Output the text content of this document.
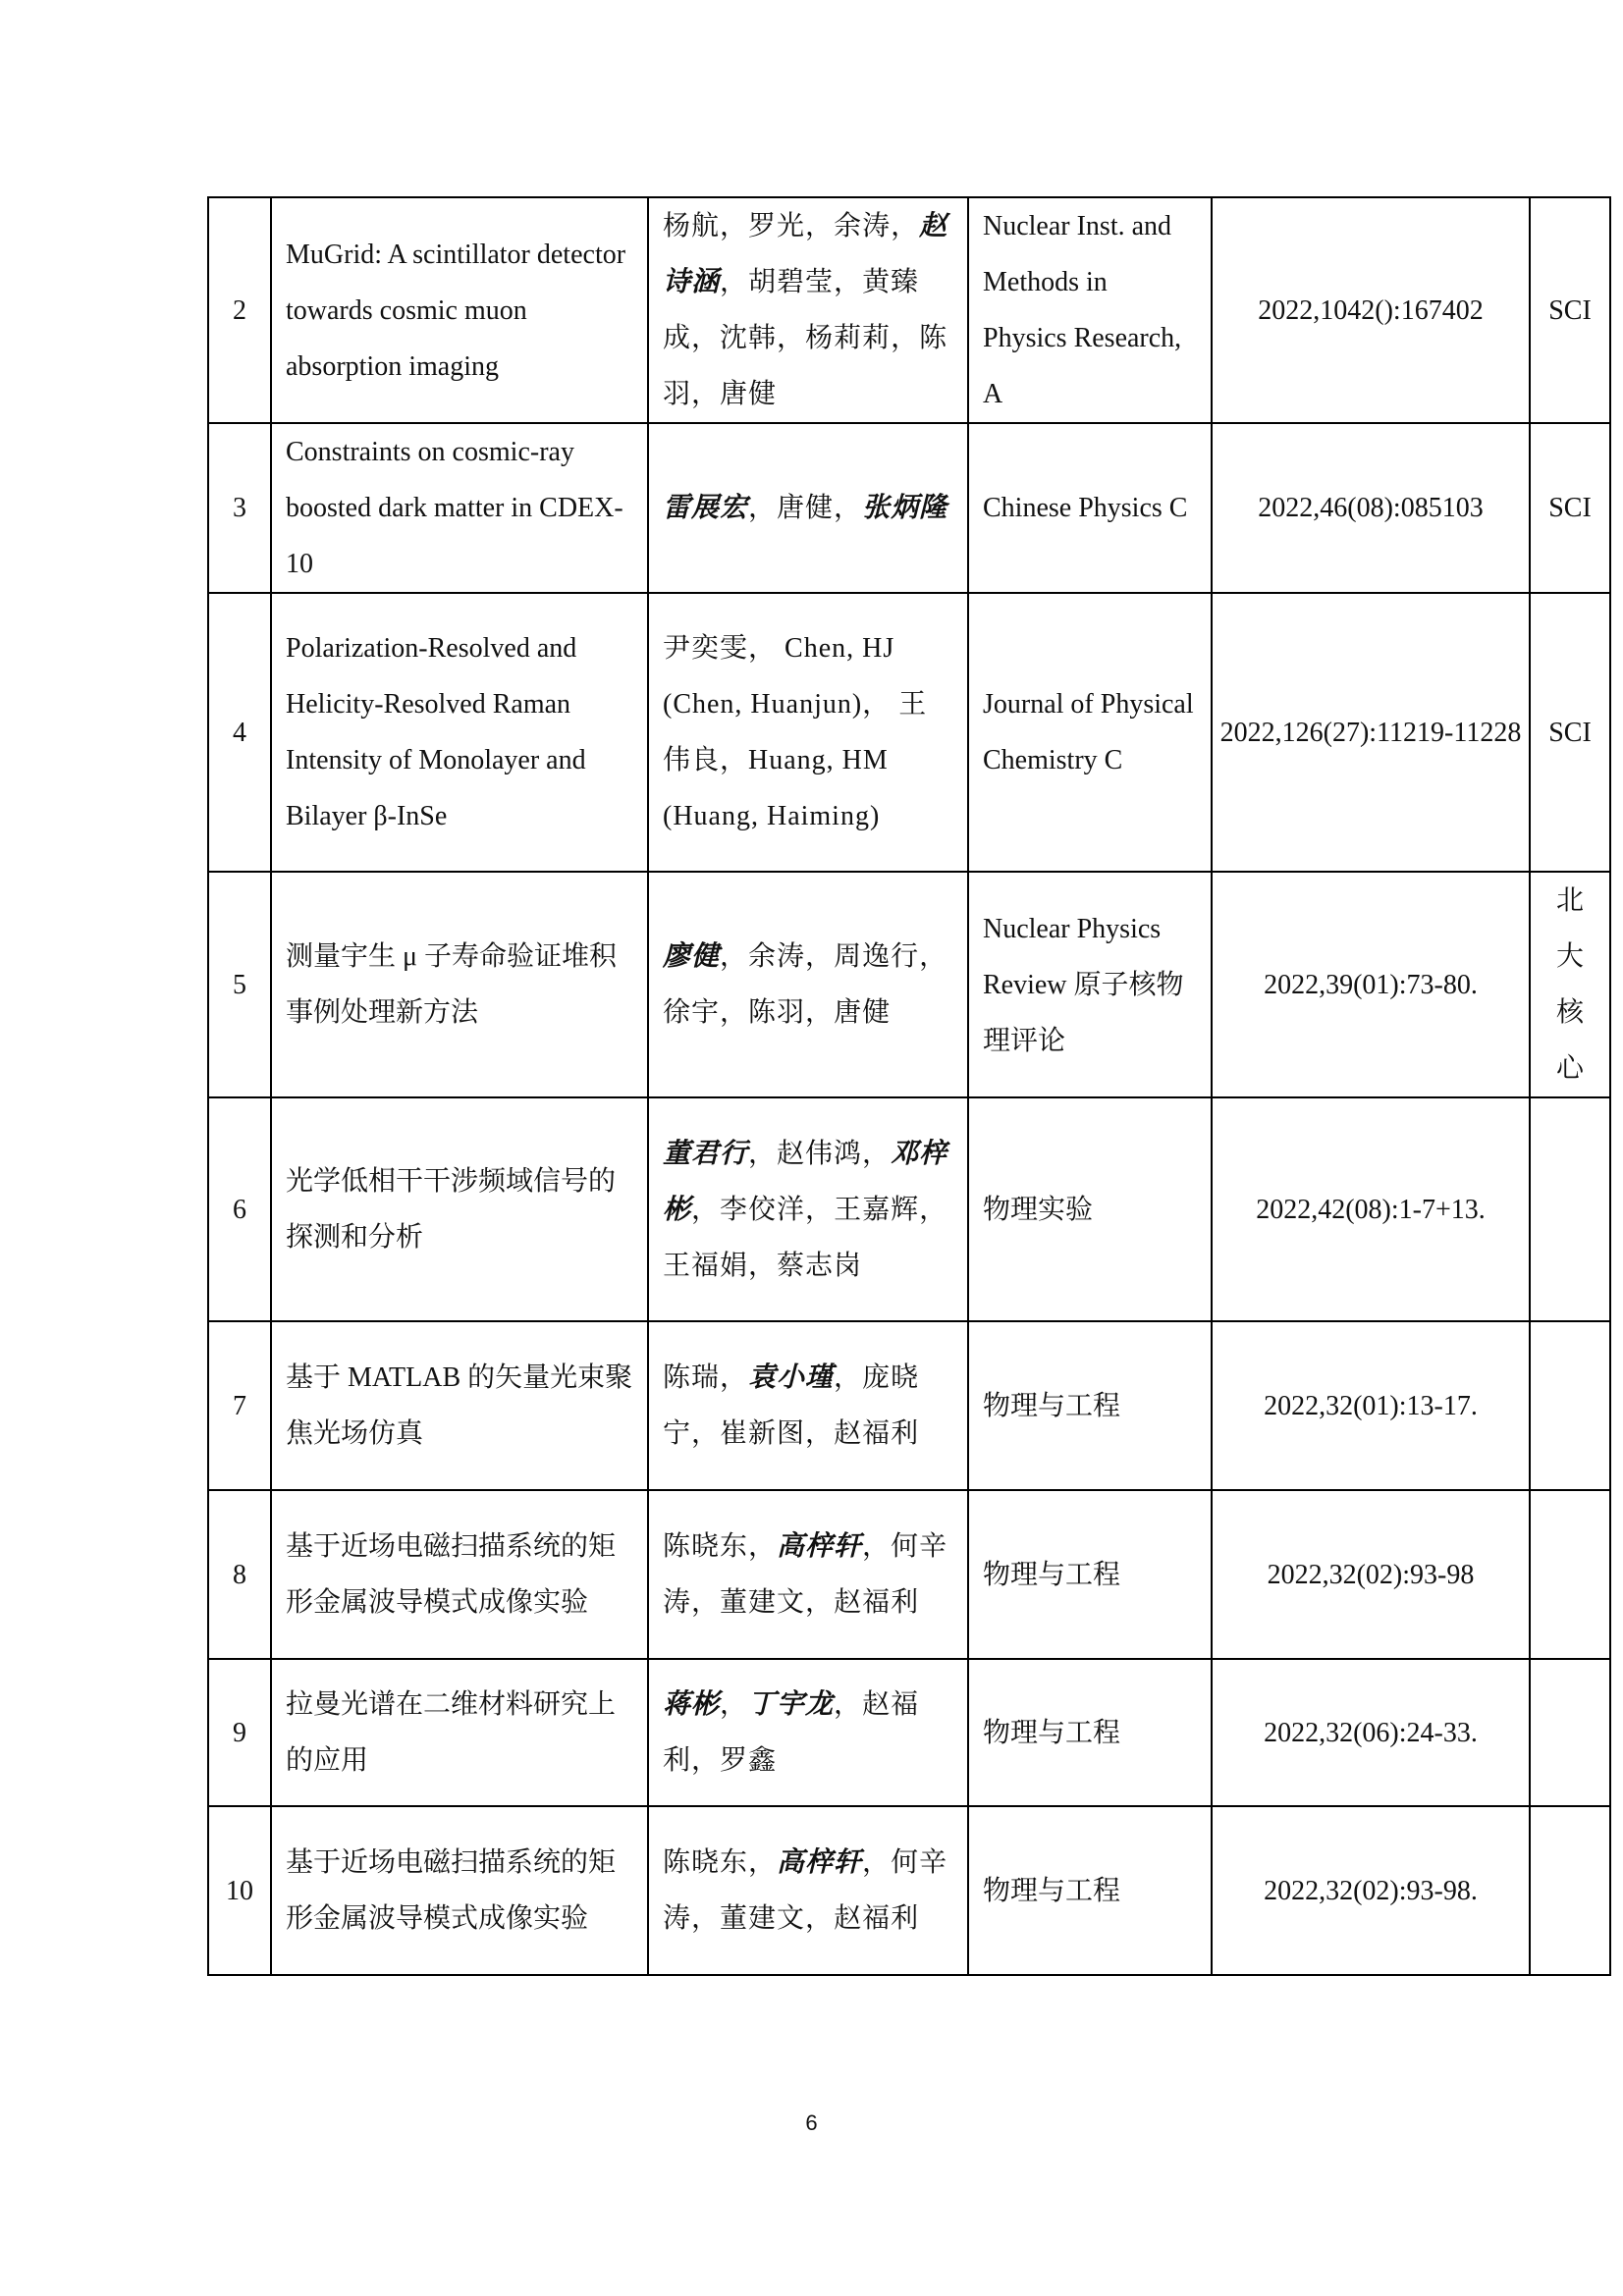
2	MuGrid: A scintillator detector towards cosmic muon absorption imaging	杨航，罗光，余涛，赵诗涵，胡碧莹，黄臻成，沈韩，杨莉莉，陈羽，唐健	Nuclear Inst. and Methods in Physics Research, A	2022,1042():167402	SCI
3	Constraints on cosmic-ray boosted dark matter in CDEX-10	雷展宏，唐健，张炳隆	Chinese Physics C	2022,46(08):085103	SCI
4	Polarization-Resolved and Helicity-Resolved Raman Intensity of Monolayer and Bilayer β-InSe	尹奕雯， Chen, HJ (Chen, Huanjun)， 王伟良，Huang, HM (Huang, Haiming)	Journal of Physical Chemistry C	2022,126(27):11219-11228	SCI
5	测量宇生 μ 子寿命验证堆积事例处理新方法	廖健，余涛，周逸行，徐宇，陈羽，唐健	Nuclear Physics Review 原子核物理评论	2022,39(01):73-80.	北大核心
6	光学低相干干涉频域信号的探测和分析	董君行，赵伟鸿，邓梓彬，李佼洋，王嘉辉，王福娟，蔡志岗	物理实验	2022,42(08):1-7+13.	
7	基于 MATLAB 的矢量光束聚焦光场仿真	陈瑞，袁小瑾，庞晓宁，崔新图，赵福利	物理与工程	2022,32(01):13-17.	
8	基于近场电磁扫描系统的矩形金属波导模式成像实验	陈晓东，高梓轩，何辛涛，董建文，赵福利	物理与工程	2022,32(02):93-98	
9	拉曼光谱在二维材料研究上的应用	蒋彬，丁宇龙，赵福利，罗鑫	物理与工程	2022,32(06):24-33.	
10	基于近场电磁扫描系统的矩形金属波导模式成像实验	陈晓东，高梓轩，何辛涛，董建文，赵福利	物理与工程	2022,32(02):93-98.	
6
